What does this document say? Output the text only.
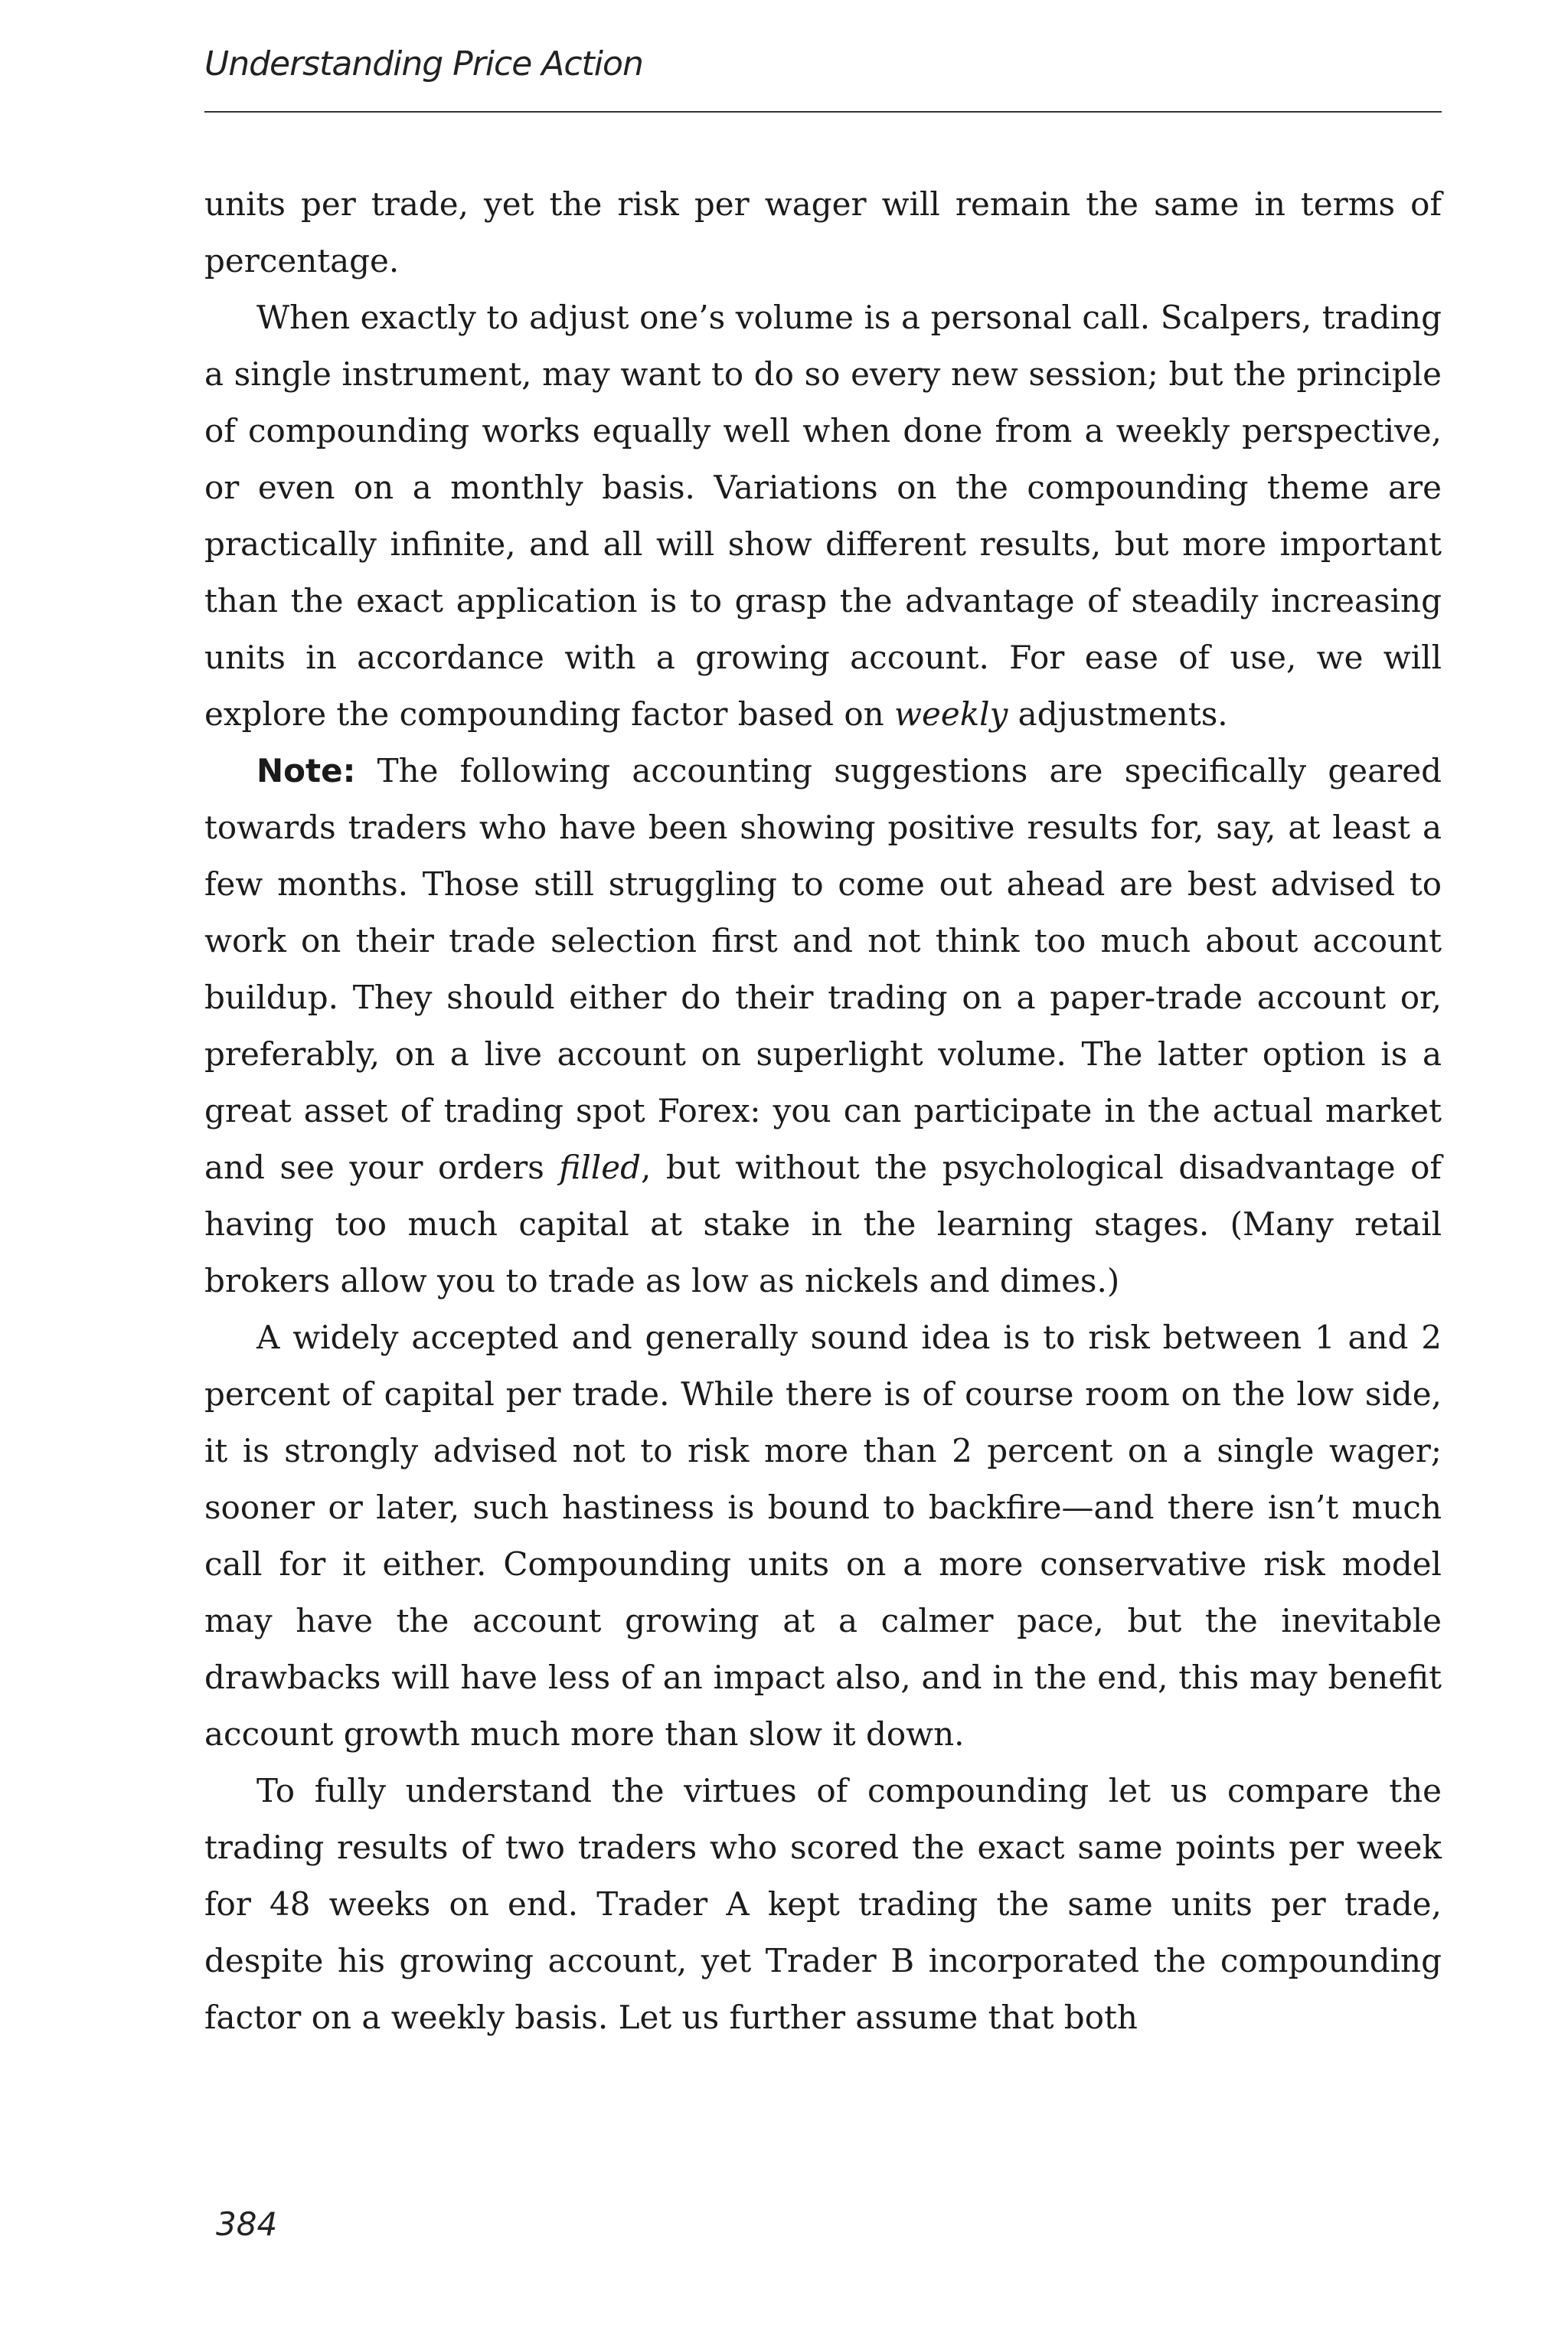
Understanding Price Action

units per trade, yet the risk per wager will remain the same in terms of percentage.

When exactly to adjust one’s volume is a personal call. Scalpers, trading a single instrument, may want to do so every new session; but the principle of compounding works equally well when done from a weekly perspective, or even on a monthly basis. Variations on the compounding theme are practically infinite, and all will show different results, but more important than the exact application is to grasp the advantage of steadily increasing units in accordance with a growing account. For ease of use, we will explore the compounding factor based on weekly adjustments.

Note: The following accounting suggestions are specifically geared towards traders who have been showing positive results for, say, at least a few months. Those still struggling to come out ahead are best advised to work on their trade selection first and not think too much about account buildup. They should either do their trading on a paper-trade account or, preferably, on a live account on superlight volume. The latter option is a great asset of trading spot Forex: you can participate in the actual market and see your orders filled, but without the psychological disadvantage of having too much capital at stake in the learning stages. (Many retail brokers allow you to trade as low as nickels and dimes.)

A widely accepted and generally sound idea is to risk between 1 and 2 percent of capital per trade. While there is of course room on the low side, it is strongly advised not to risk more than 2 percent on a single wager; sooner or later, such hastiness is bound to backfire—and there isn’t much call for it either. Compounding units on a more conservative risk model may have the account growing at a calmer pace, but the inevitable drawbacks will have less of an impact also, and in the end, this may benefit account growth much more than slow it down.

To fully understand the virtues of compounding let us compare the trading results of two traders who scored the exact same points per week for 48 weeks on end. Trader A kept trading the same units per trade, despite his growing account, yet Trader B incorporated the compounding factor on a weekly basis. Let us further assume that both

384
